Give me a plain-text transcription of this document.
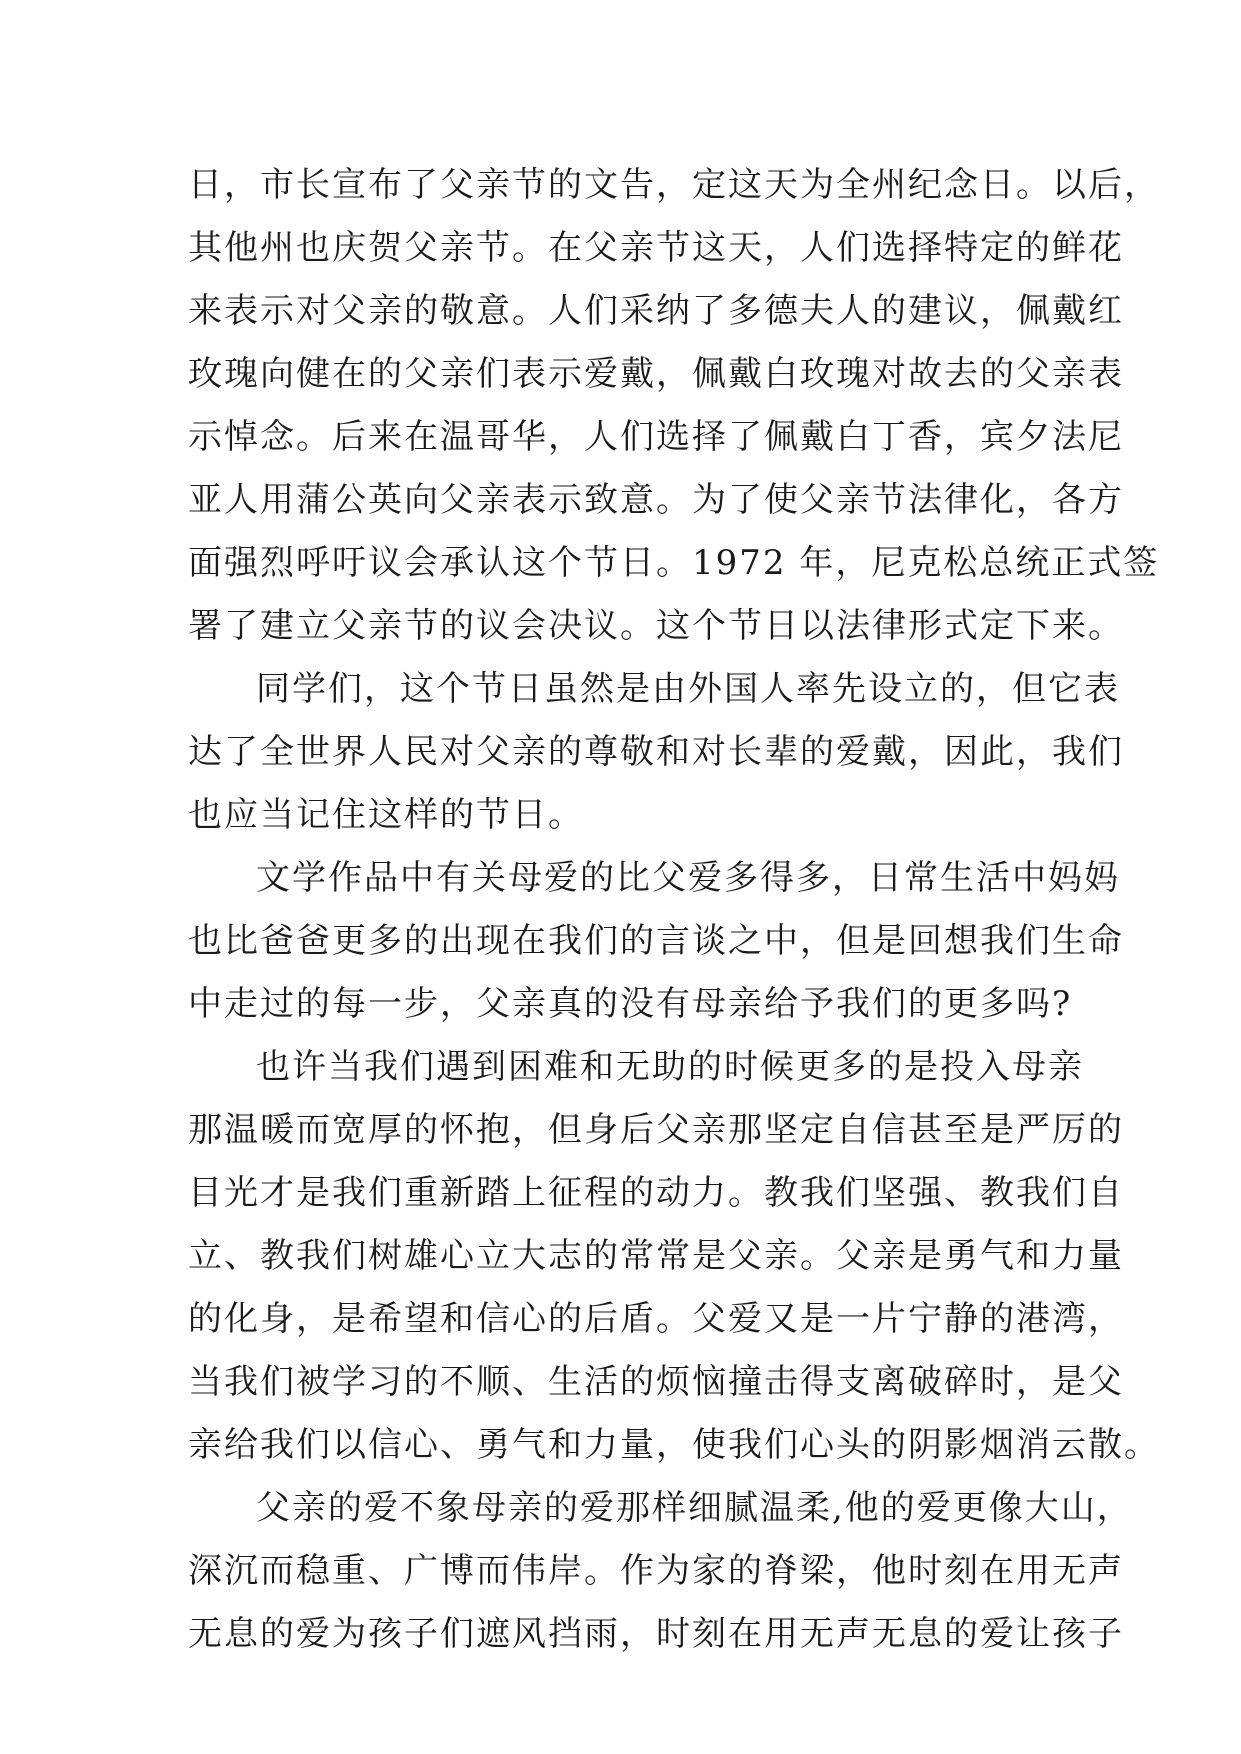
日，市长宣布了父亲节的文告，定这天为全州纪念日。以后，
其他州也庆贺父亲节。在父亲节这天，人们选择特定的鲜花
来表示对父亲的敬意。人们采纳了多德夫人的建议，佩戴红
玫瑰向健在的父亲们表示爱戴，佩戴白玫瑰对故去的父亲表
示悼念。后来在温哥华，人们选择了佩戴白丁香，宾夕法尼
亚人用蒲公英向父亲表示致意。为了使父亲节法律化，各方
面强烈呼吁议会承认这个节日。1972 年，尼克松总统正式签
署了建立父亲节的议会决议。这个节日以法律形式定下来。
同学们，这个节日虽然是由外国人率先设立的，但它表
达了全世界人民对父亲的尊敬和对长辈的爱戴，因此，我们
也应当记住这样的节日。
文学作品中有关母爱的比父爱多得多，日常生活中妈妈
也比爸爸更多的出现在我们的言谈之中，但是回想我们生命
中走过的每一步，父亲真的没有母亲给予我们的更多吗?
也许当我们遇到困难和无助的时候更多的是投入母亲
那温暖而宽厚的怀抱，但身后父亲那坚定自信甚至是严厉的
目光才是我们重新踏上征程的动力。教我们坚强、教我们自
立、教我们树雄心立大志的常常是父亲。父亲是勇气和力量
的化身，是希望和信心的后盾。父爱又是一片宁静的港湾，
当我们被学习的不顺、生活的烦恼撞击得支离破碎时，是父
亲给我们以信心、勇气和力量，使我们心头的阴影烟消云散。
父亲的爱不象母亲的爱那样细腻温柔,他的爱更像大山，
深沉而稳重、广博而伟岸。作为家的脊梁，他时刻在用无声
无息的爱为孩子们遮风挡雨，时刻在用无声无息的爱让孩子
